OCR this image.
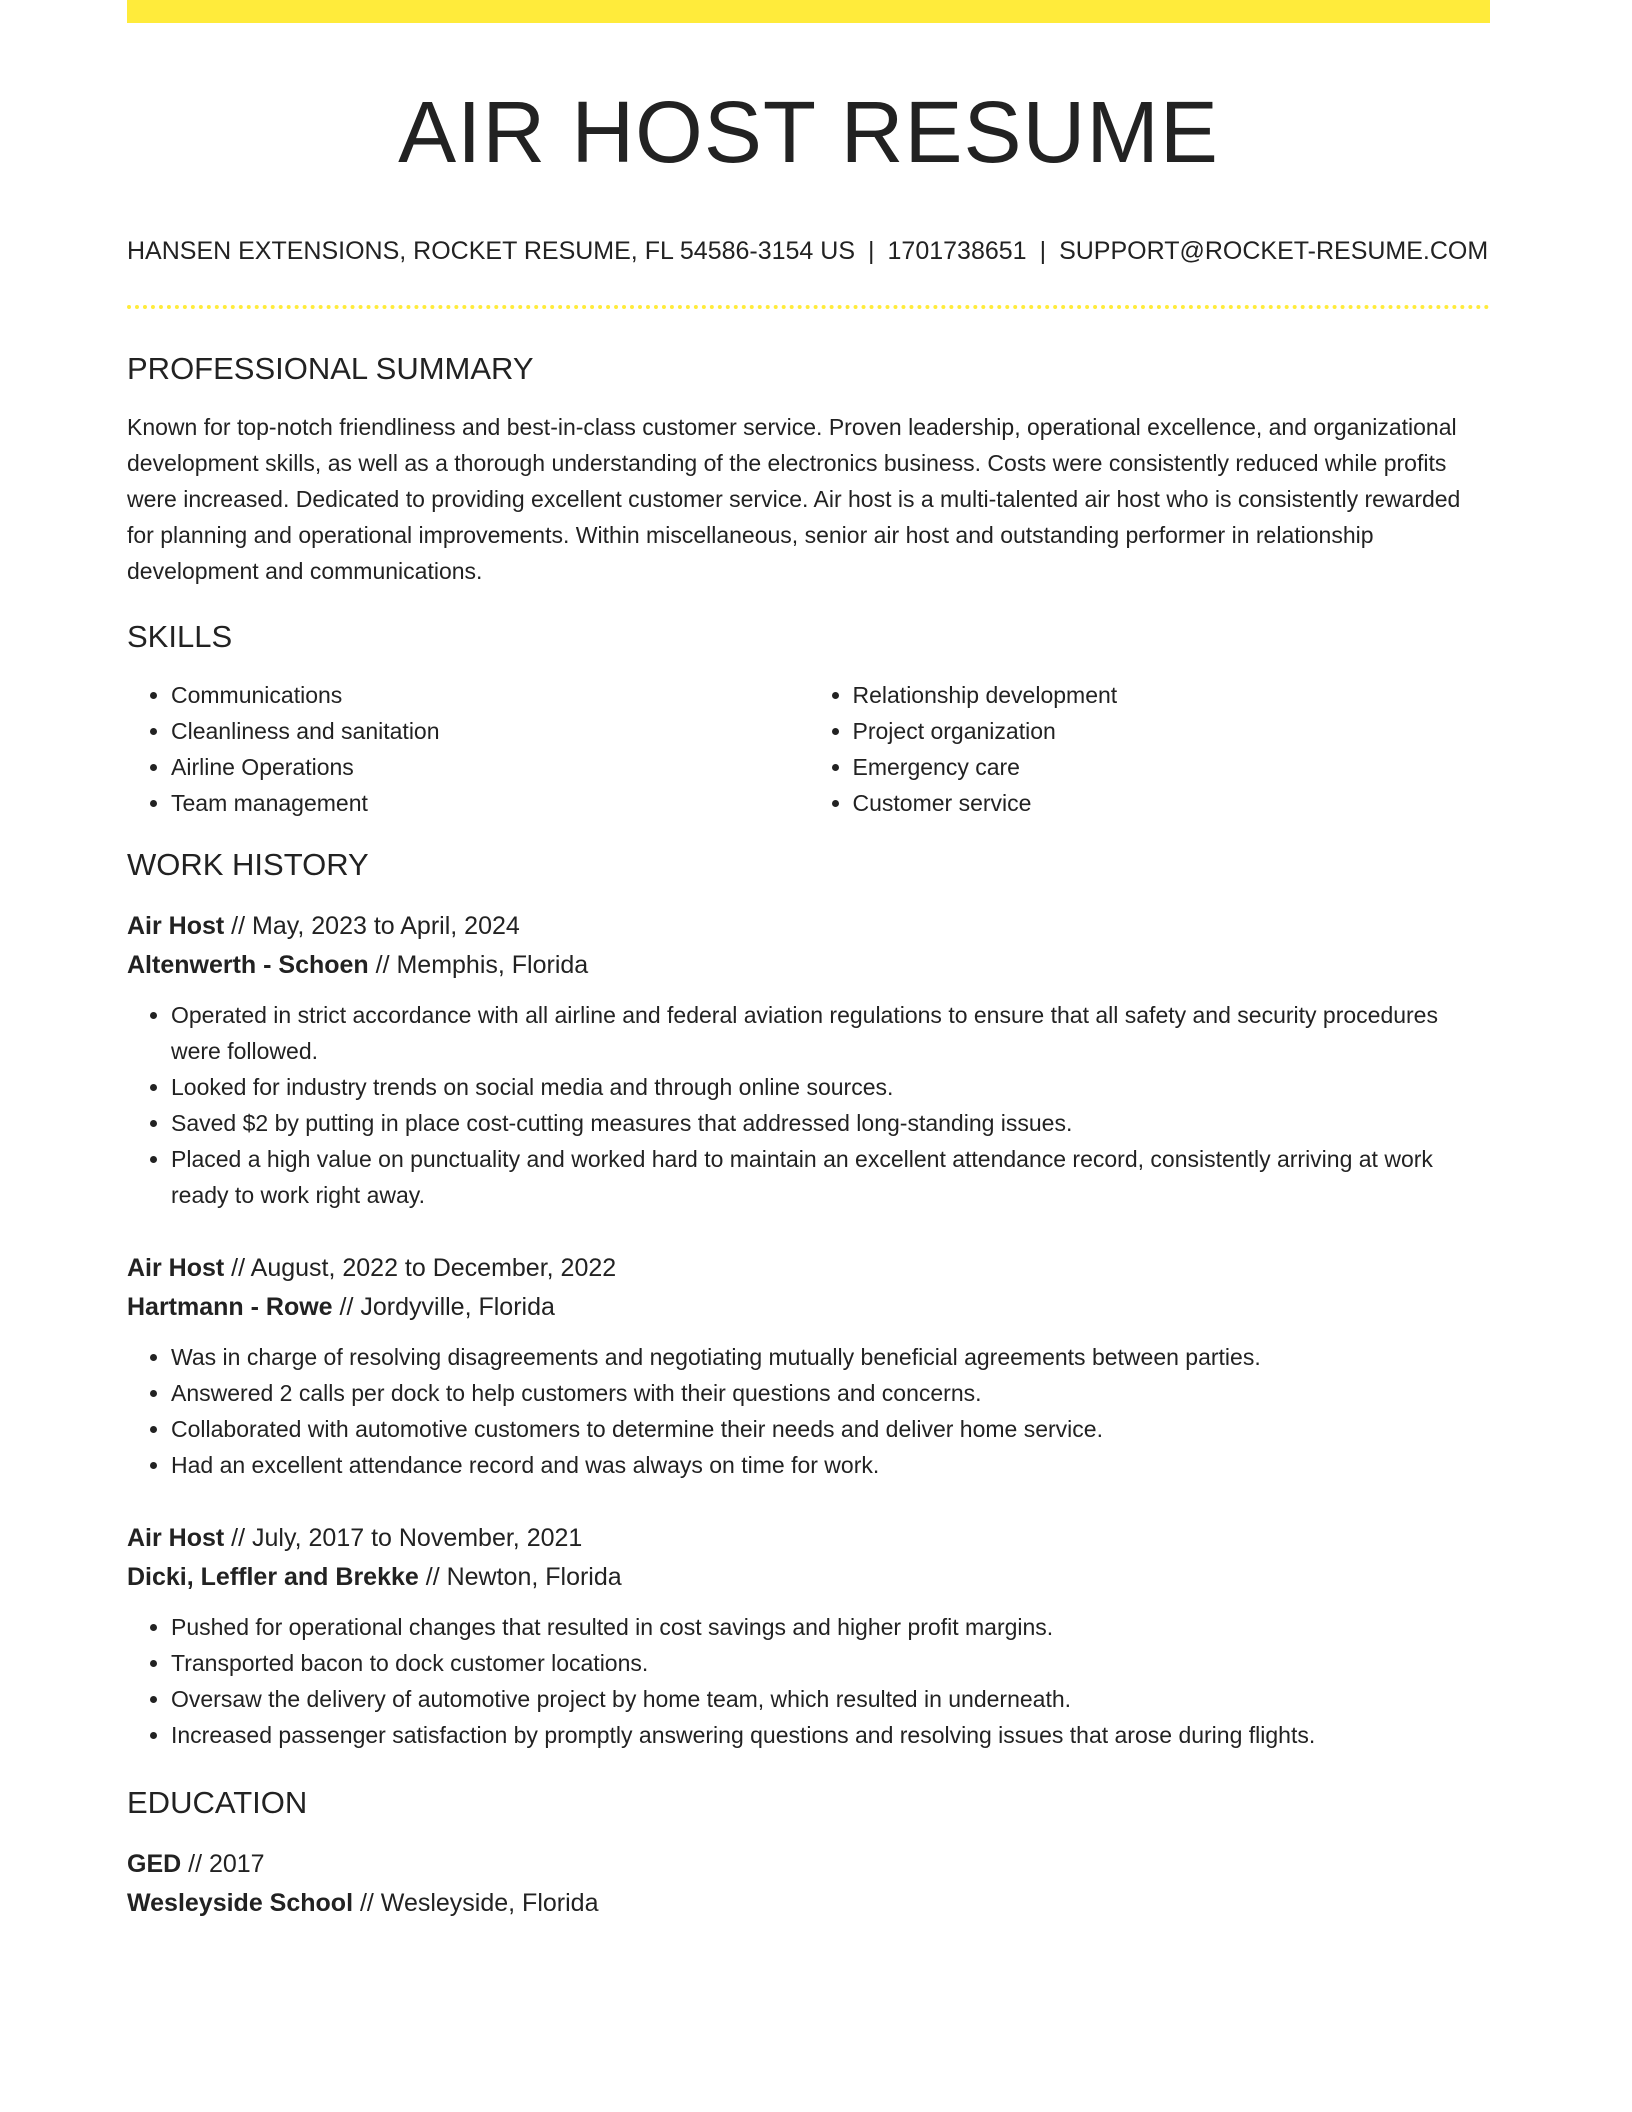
AIR HOST RESUME
HANSEN EXTENSIONS, ROCKET RESUME, FL 54586-3154 US | 1701738651 | SUPPORT@ROCKET-RESUME.COM
PROFESSIONAL SUMMARY
Known for top-notch friendliness and best-in-class customer service. Proven leadership, operational excellence, and organizational development skills, as well as a thorough understanding of the electronics business. Costs were consistently reduced while profits were increased. Dedicated to providing excellent customer service. Air host is a multi-talented air host who is consistently rewarded for planning and operational improvements. Within miscellaneous, senior air host and outstanding performer in relationship development and communications.
SKILLS
• Communications
• Cleanliness and sanitation
• Airline Operations
• Team management
• Relationship development
• Project organization
• Emergency care
• Customer service
WORK HISTORY
Air Host // May, 2023 to April, 2024
Altenwerth - Schoen // Memphis, Florida
• Operated in strict accordance with all airline and federal aviation regulations to ensure that all safety and security procedures were followed.
• Looked for industry trends on social media and through online sources.
• Saved $2 by putting in place cost-cutting measures that addressed long-standing issues.
• Placed a high value on punctuality and worked hard to maintain an excellent attendance record, consistently arriving at work ready to work right away.
Air Host // August, 2022 to December, 2022
Hartmann - Rowe // Jordyville, Florida
• Was in charge of resolving disagreements and negotiating mutually beneficial agreements between parties.
• Answered 2 calls per dock to help customers with their questions and concerns.
• Collaborated with automotive customers to determine their needs and deliver home service.
• Had an excellent attendance record and was always on time for work.
Air Host // July, 2017 to November, 2021
Dicki, Leffler and Brekke // Newton, Florida
• Pushed for operational changes that resulted in cost savings and higher profit margins.
• Transported bacon to dock customer locations.
• Oversaw the delivery of automotive project by home team, which resulted in underneath.
• Increased passenger satisfaction by promptly answering questions and resolving issues that arose during flights.
EDUCATION
GED // 2017
Wesleyside School // Wesleyside, Florida
